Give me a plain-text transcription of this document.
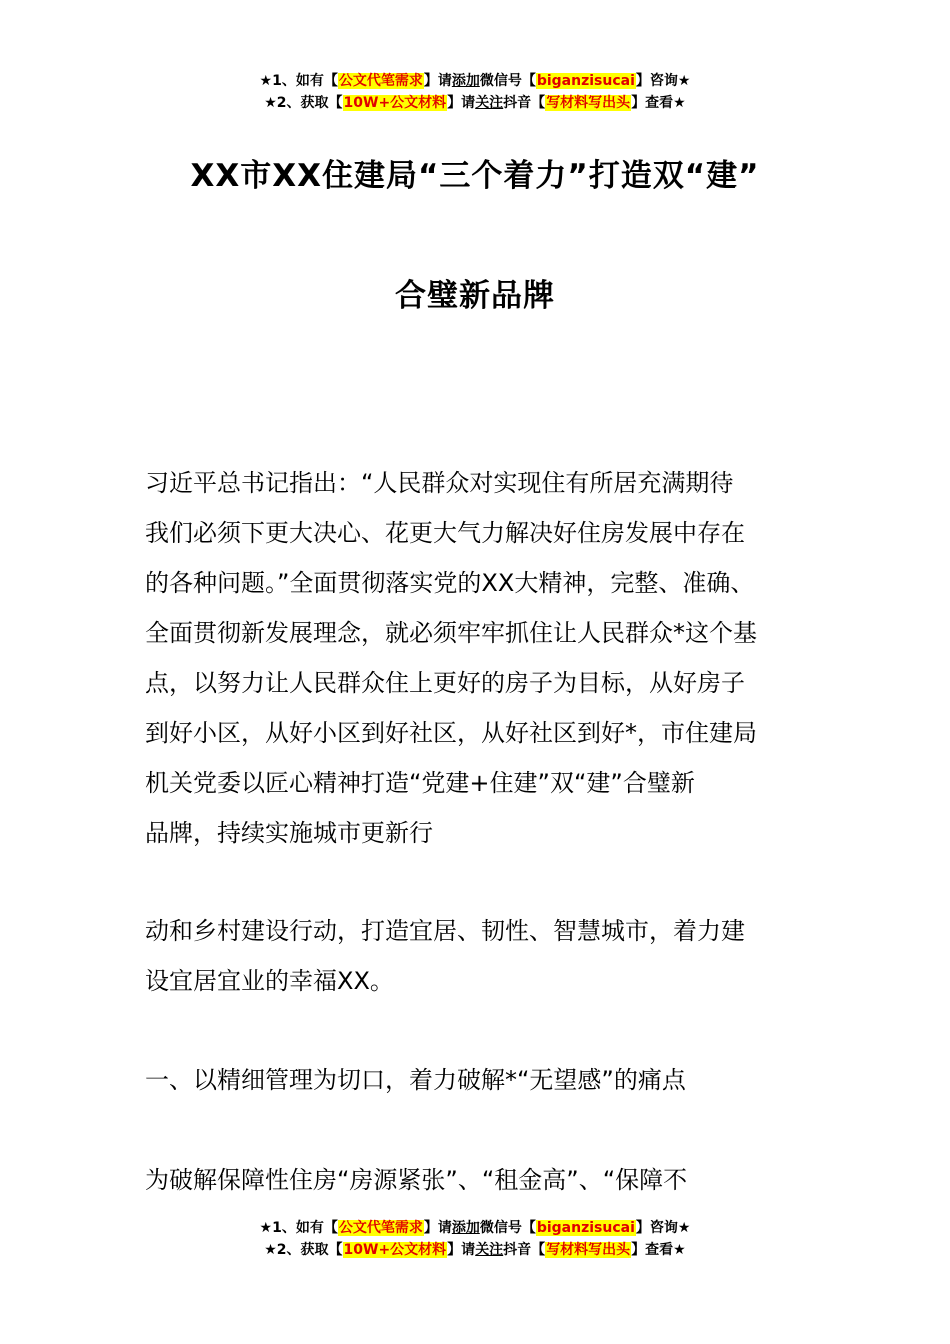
★1、如有【公文代笔需求】请添加微信号【biganzisucai】咨询★
★2、获取【10W+公文材料】请关注抖音【写材料写出头】查看★
XX市XX住建局“三个着力”打造双“建”
合璧新品牌
习近平总书记指出：“人民群众对实现住有所居充满期待
我们必须下更大决心、花更大气力解决好住房发展中存在
的各种问题。”全面贯彻落实党的XX大精神，完整、准确、
全面贯彻新发展理念，就必须牢牢抓住让人民群众*这个基
点，以努力让人民群众住上更好的房子为目标，从好房子
到好小区，从好小区到好社区，从好社区到好*，市住建局
机关党委以匠心精神打造“党建+住建”双“建”合璧新
品牌，持续实施城市更新行
动和乡村建设行动，打造宜居、韧性、智慧城市，着力建
设宜居宜业的幸福XX。
一、以精细管理为切口，着力破解*“无望感”的痛点
为破解保障性住房“房源紧张”、“租金高”、“保障不
★1、如有【公文代笔需求】请添加微信号【biganzisucai】咨询★
★2、获取【10W+公文材料】请关注抖音【写材料写出头】查看★
